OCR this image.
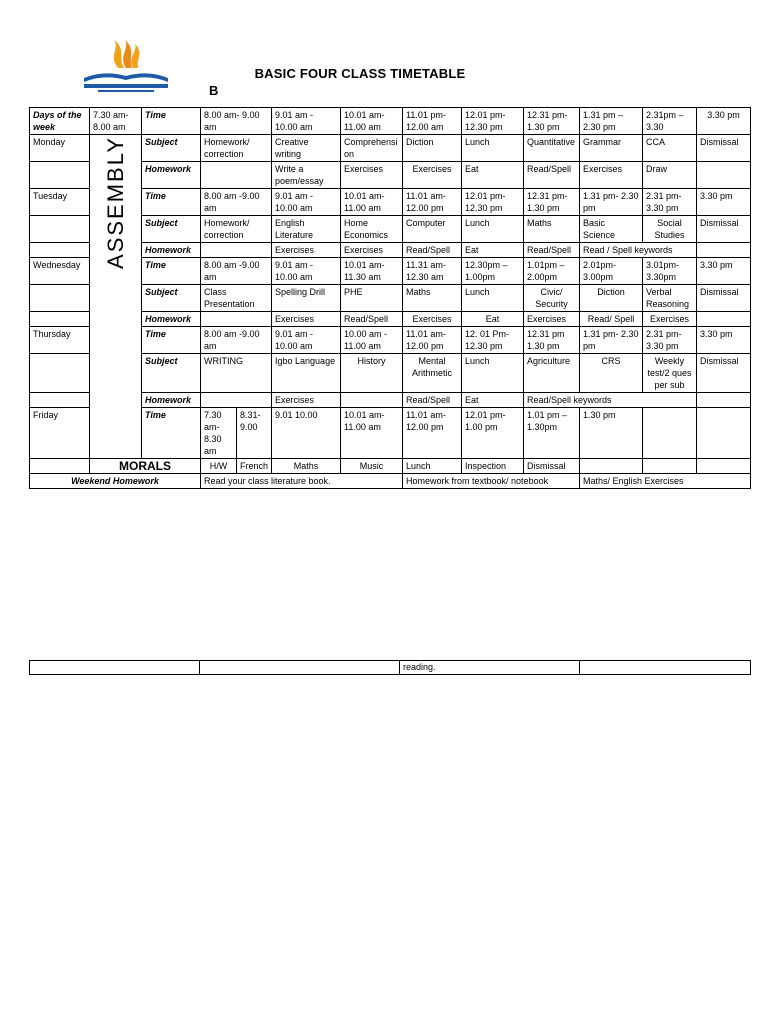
BASIC FOUR CLASS TIMETABLE
B
Days of the week	7.30 am- 8.00 am	Time	8.00 am- 9.00 am		9.01 am - 10.00 am	10.01 am- 11.00 am	11.01 pm- 12.00 am	12.01 pm- 12.30 pm	12.31 pm- 1.30 pm	1.31 pm – 2.30 pm	2.31pm – 3.30	3.30 pm	
Monday	ASSEMBLY	Subject	Homework/ correction		Creative writing	Comprehension	Diction	Lunch	Quantitative	Grammar	CCA	Dismissal	
		Homework			Write a poem/essay	Exercises	Exercises	Eat	Read/Spell	Exercises	Draw		
Tuesday		Time	8.00 am -9.00 am		9.01 am - 10.00 am	10.01 am- 11.00 am	11.01 am- 12.00 pm	12.01 pm- 12.30 pm	12.31 pm- 1.30 pm	1.31 pm- 2.30 pm	2.31 pm- 3.30 pm	3.30 pm	
		Subject	Homework/ correction		English Literature	Home Economics	Computer	Lunch	Maths	Basic Science	Social Studies	Dismissal	
		Homework			Exercises	Exercises	Read/Spell	Eat	Read/Spell	Read / Spell keywords			
Wednesday		Time	8.00 am -9.00 am		9.01 am - 10.00 am	10.01 am- 11.30 am	11.31 am- 12.30 am	12.30pm – 1.00pm	1.01pm – 2.00pm	2.01pm- 3.00pm	3.01pm- 3.30pm	3.30 pm	
		Subject	Class Presentation		Spelling Drill	PHE	Maths	Lunch	Civic/ Security	Diction	Verbal Reasoning	Dismissal	
		Homework			Exercises	Read/Spell	Exercises	Eat	Exercises	Read/ Spell	Exercises		
Thursday		Time	8.00 am -9.00 am		9.01 am - 10.00 am	10.00 am - 11.00 am	11.01 am- 12.00 pm	12. 01 Pm- 12.30 pm	12.31 pm 1.30 pm	1.31 pm- 2.30 pm	2.31 pm- 3.30 pm	3.30 pm	
		Subject	WRITING		Igbo Language	History	Mental Arithmetic	Lunch	Agriculture	CRS	Weekly test/2 ques per sub	Dismissal	
		Homework			Exercises		Read/Spell	Eat	Read/Spell keywords				
Friday		Time	7.30 am- 8.30 am	8.31- 9.00	9.01 10.00	10.01 am- 11.00 am	11.01 am- 12.00 pm	12.01 pm- 1.00 pm	1.01 pm – 1.30pm	1.30 pm			
	MORALS		H/W	French	Maths	Music	Lunch	Inspection	Dismissal				
Weekend Homework			Read your class literature book.				Homework from textbook/ notebook			Maths/ English Exercises			
		reading.	
